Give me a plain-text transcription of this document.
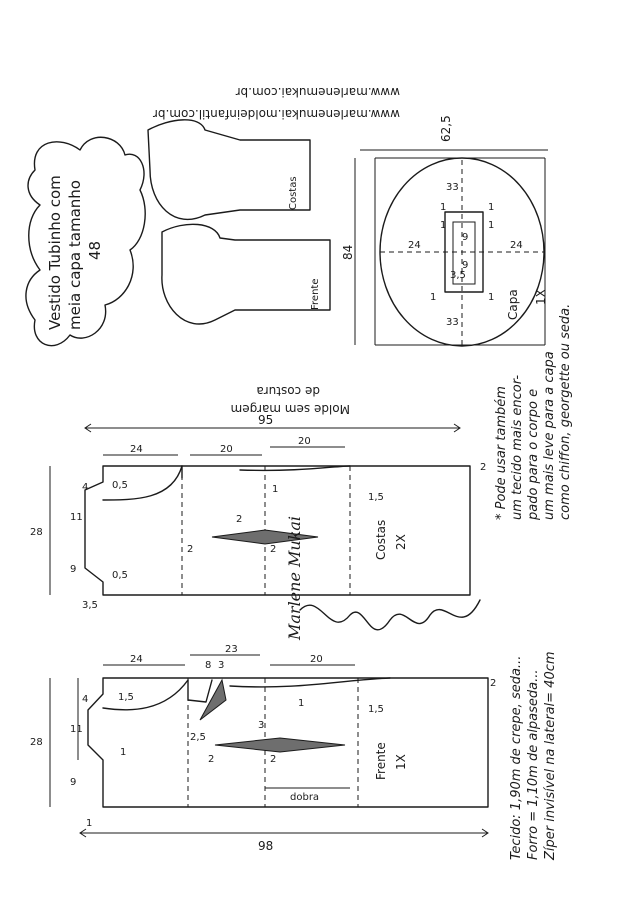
Vestido Tubinho com meia capa tamanho 48
www.marlenemukai.com.br
www.marlenemukai.moldeinfantil.com.br
Molde sem margem
de costura
Costas
Frente	Capa 1X
62,5
84	24	24
33
33
9
9
3,5
1	1
1	1
1	1
Costas 2X
95
24	20
20
28
4
11
9
0,5
0,5
2
2	2
1,5
3,5
2
1
Frente 1X
98
24
23
20
28
4
11
9
1,5
2,5
8 3
3
2	2
1,5
dobra
2
1
1
1
* Pode usar também um tecido mais encor- pado para o corpo e um mais leve para a capa como chiffon, georgette ou seda.
Tecido: 1,90m de crepe, seda... Forro = 1,10m de alpaseda... Zíper invisível na lateral= 40cm
Marlene Mukai
